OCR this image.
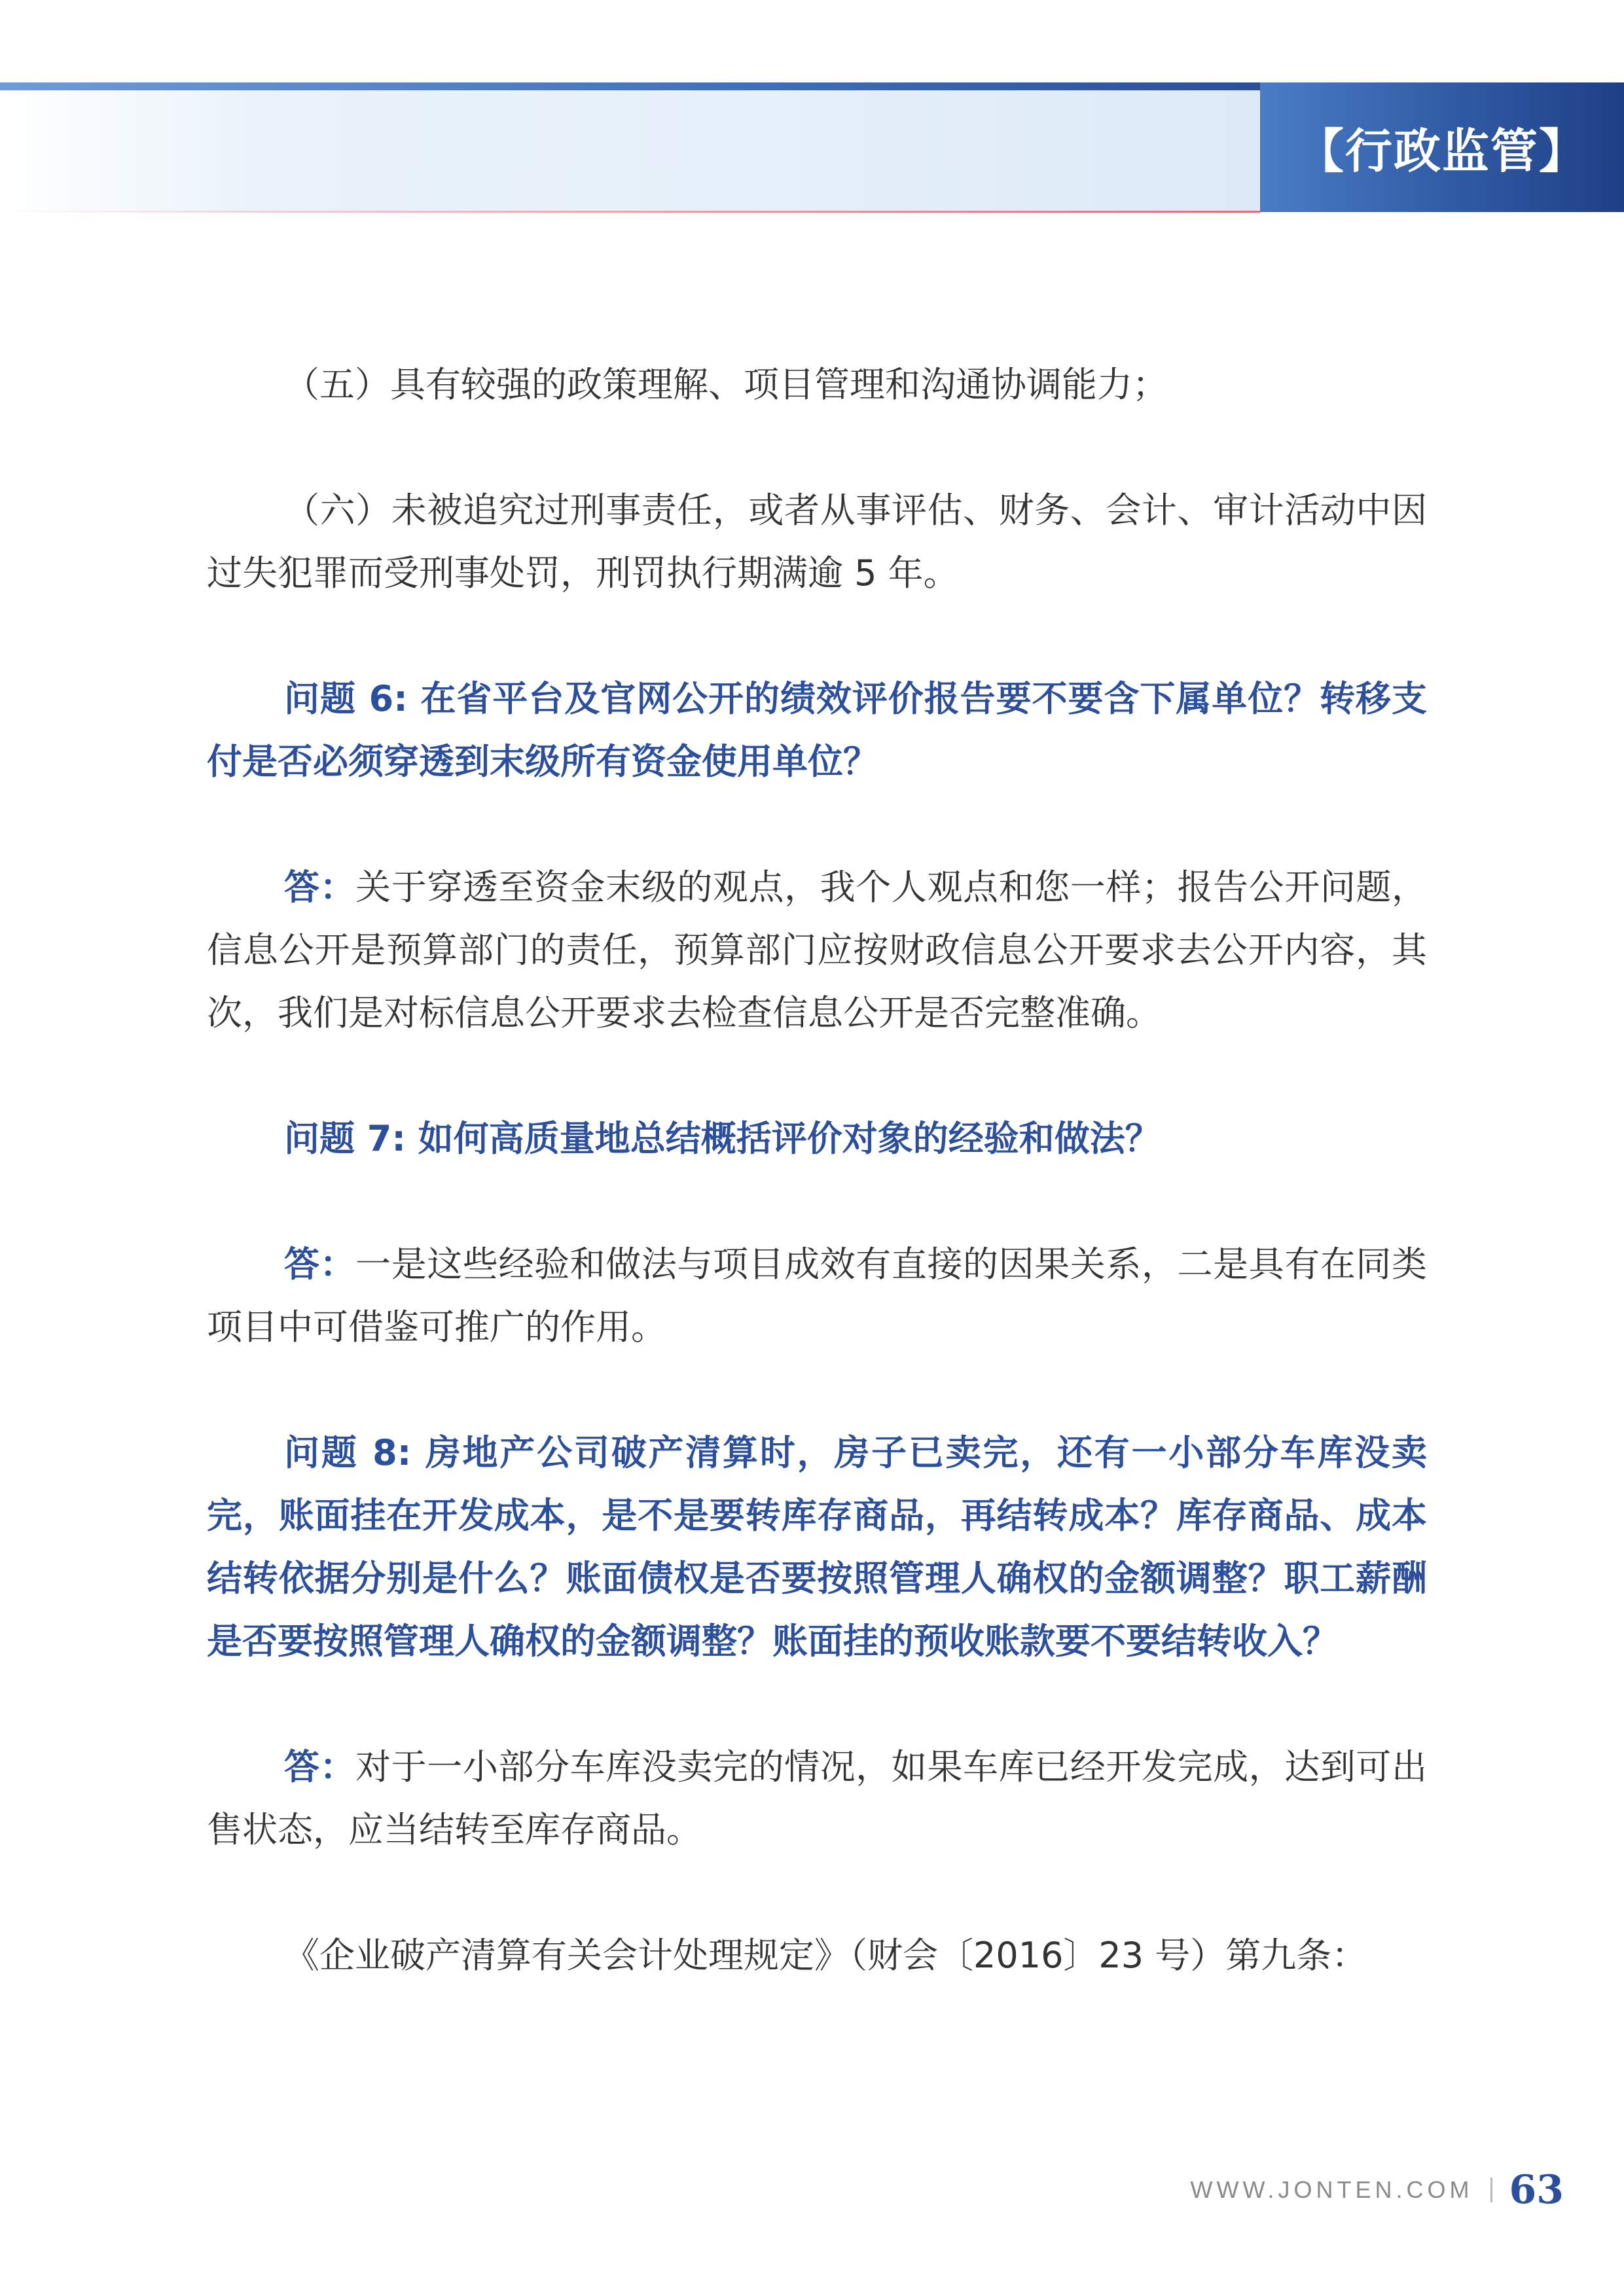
【行政监管】

（五）具有较强的政策理解、项目管理和沟通协调能力；

（六）未被追究过刑事责任，或者从事评估、财务、会计、审计活动中因过失犯罪而受刑事处罚，刑罚执行期满逾 5 年。

问题 6: 在省平台及官网公开的绩效评价报告要不要含下属单位？转移支付是否必须穿透到末级所有资金使用单位？

答：关于穿透至资金末级的观点，我个人观点和您一样；报告公开问题，信息公开是预算部门的责任，预算部门应按财政信息公开要求去公开内容，其次，我们是对标信息公开要求去检查信息公开是否完整准确。

问题 7: 如何高质量地总结概括评价对象的经验和做法？

答：一是这些经验和做法与项目成效有直接的因果关系，二是具有在同类项目中可借鉴可推广的作用。

问题 8: 房地产公司破产清算时，房子已卖完，还有一小部分车库没卖完，账面挂在开发成本，是不是要转库存商品，再结转成本？库存商品、成本结转依据分别是什么？账面债权是否要按照管理人确权的金额调整？职工薪酬是否要按照管理人确权的金额调整？账面挂的预收账款要不要结转收入？

答：对于一小部分车库没卖完的情况，如果车库已经开发完成，达到可出售状态，应当结转至库存商品。

《企业破产清算有关会计处理规定》（财会〔2016〕23 号）第九条：

WWW.JONTEN.COM 63
